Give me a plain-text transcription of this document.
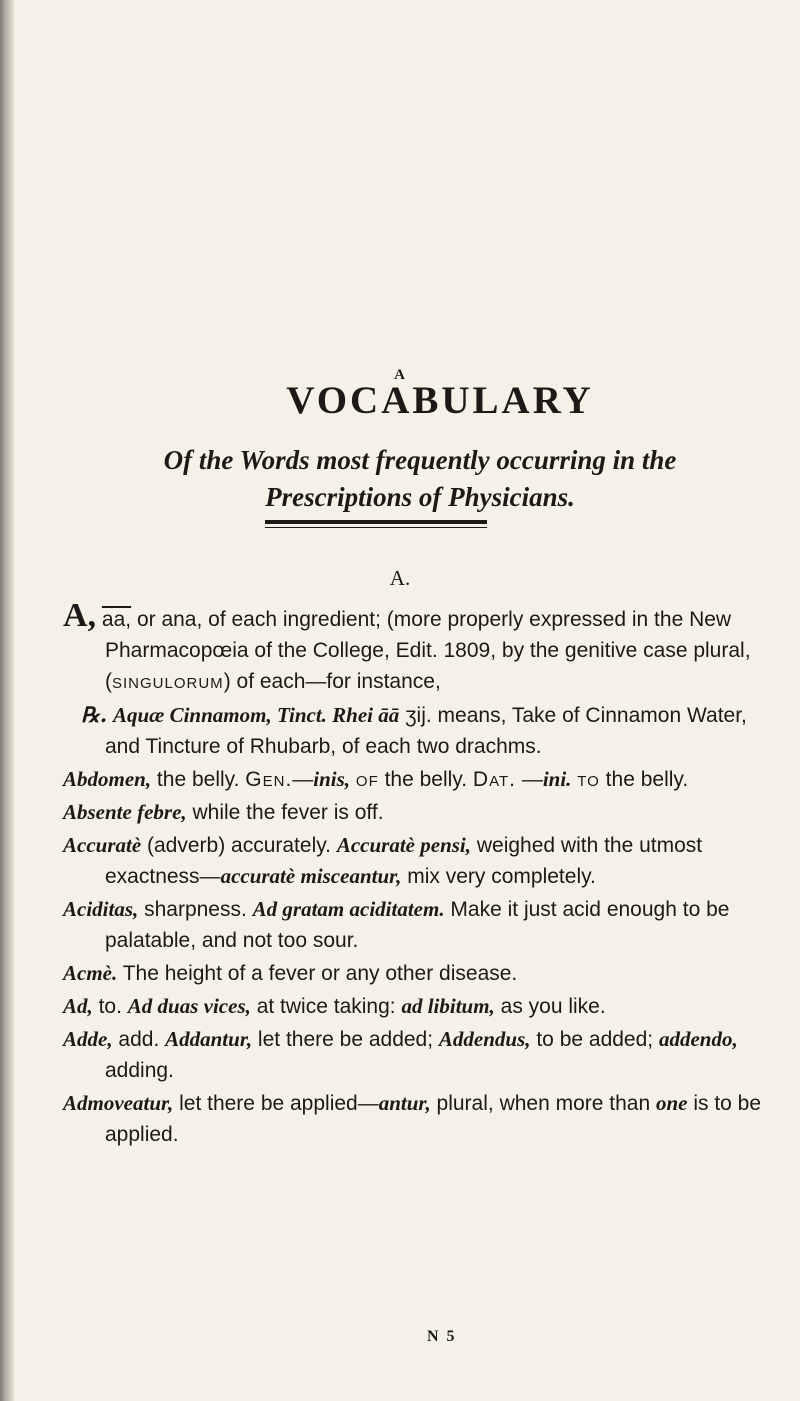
A
VOCABULARY
Of the Words most frequently occurring in the
Prescriptions of Physicians.
A.

A, aa, or ana, of each ingredient; (more properly expressed in the New Pharmacopœia of the College, Edit. 1809, by the genitive case plural, (singulorum) of each—for instance,

℞. Aquæ Cinnamom, Tinct. Rhei āā ʒij. means, Take of Cinnamon Water, and Tincture of Rhubarb, of each two drachms.

Abdomen, the belly. Gen.—inis, of the belly. Dat. —ini. to the belly.

Absente febre, while the fever is off.

Accuratè (adverb) accurately. Accuratè pensi, weighed with the utmost exactness—accuratè misceantur, mix very completely.

Aciditas, sharpness. Ad gratam aciditatem. Make it just acid enough to be palatable, and not too sour.

Acmè. The height of a fever or any other disease.

Ad, to. Ad duas vices, at twice taking: ad libitum, as you like.

Adde, add. Addantur, let there be added; Addendus, to be added; addendo, adding.

Admoveatur, let there be applied—antur, plural, when more than one is to be applied.

N 5
